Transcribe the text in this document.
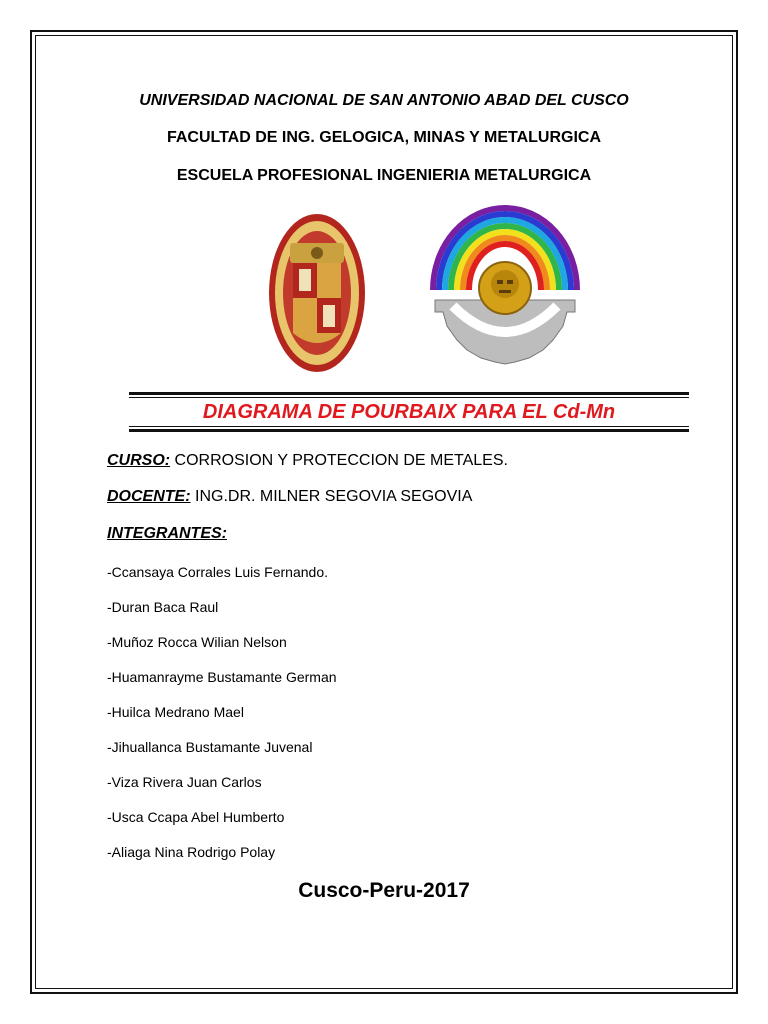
UNIVERSIDAD NACIONAL DE SAN ANTONIO ABAD DEL CUSCO
FACULTAD DE ING. GELOGICA, MINAS Y METALURGICA
ESCUELA PROFESIONAL INGENIERIA METALURGICA
DIAGRAMA DE POURBAIX PARA EL Cd-Mn
CURSO: CORROSION Y PROTECCION DE METALES.
DOCENTE: ING.DR. MILNER SEGOVIA SEGOVIA
INTEGRANTES:
-Ccansaya Corrales Luis Fernando.
-Duran Baca Raul
-Muñoz Rocca Wilian Nelson
-Huamanrayme Bustamante German
-Huilca Medrano Mael
-Jihuallanca Bustamante Juvenal
-Viza Rivera Juan Carlos
-Usca Ccapa Abel Humberto
-Aliaga Nina Rodrigo Polay
Cusco-Peru-2017
